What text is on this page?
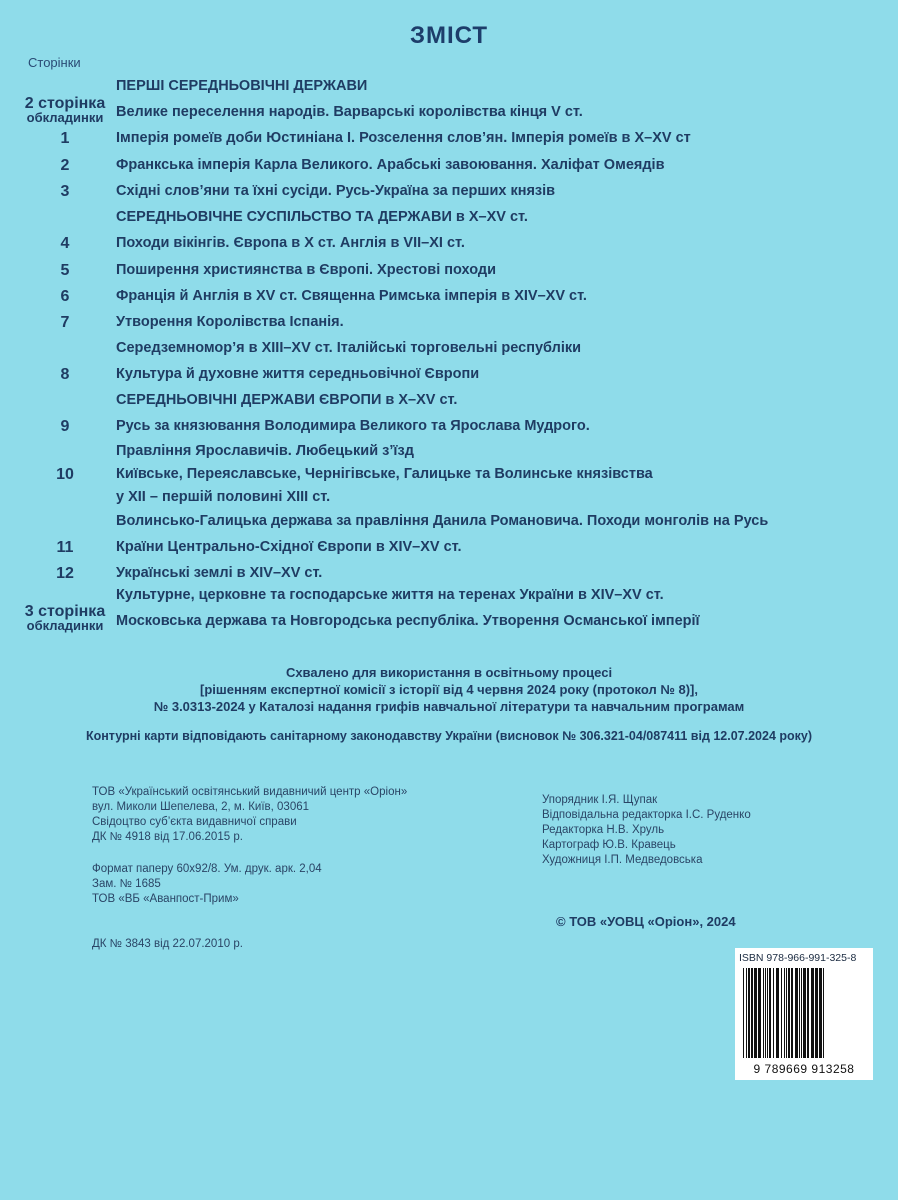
ЗМІСТ
Сторінки
2 сторінка
обкладинки
1
2
3
4
5
6
7
8
9
10
11
12
3 сторінка
обкладинки
ПЕРШІ СЕРЕДНЬОВІЧНІ ДЕРЖАВИ
Велике переселення народів. Варварські королівства кінця V ст.
Імперія ромеїв доби Юстиніана І. Розселення слов’ян. Імперія ромеїв в X–XV ст
Франкська імперія Карла Великого. Арабські завоювання. Халіфат Омеядів
Східні слов’яни та їхні сусіди. Русь-Україна за перших князів
СЕРЕДНЬОВІЧНЕ СУСПІЛЬСТВО ТА ДЕРЖАВИ в X–XV ст.
Походи вікінгів. Європа в X ст. Англія в VII–XI ст.
Поширення християнства в Європі. Хрестові походи
Франція й Англія в XV ст. Священна Римська імперія в XIV–XV ст.
Утворення Королівства Іспанія.
Середземномор’я в XIII–XV ст. Італійські торговельні республіки
Культура й духовне життя середньовічної Європи
СЕРЕДНЬОВІЧНІ ДЕРЖАВИ ЄВРОПИ в X–XV ст.
Русь за князювання Володимира Великого та Ярослава Мудрого.
Правління Ярославичів. Любецький з’їзд
Київське, Переяславське, Чернігівське, Галицьке та Волинське князівства
у XII – першій половині XIII ст.
Волинсько-Галицька держава за правління Данила Романовича. Походи монголів на Русь
Країни Центрально-Східної Європи в XIV–XV ст.
Українські землі в XIV–XV ст.
Культурне, церковне та господарське життя на теренах України в XIV–XV ст.
Московська держава та Новгородська республіка. Утворення Османської імперії
Схвалено для використання в освітньому процесі
[рішенням експертної комісії з історії від 4 червня 2024 року (протокол № 8)],
№ 3.0313-2024 у Каталозі надання грифів навчальної літератури та навчальним програмам
Контурні карти відповідають санітарному законодавству України (висновок № 306.321-04/087411 від 12.07.2024 року)
ТОВ «Український освітянський видавничий центр «Оріон»
вул. Миколи Шепелева, 2, м. Київ, 03061
Свідоцтво суб’єкта видавничої справи
ДК № 4918 від 17.06.2015 р.
Формат паперу 60x92/8. Ум. друк. арк. 2,04
Зам. № 1685
ТОВ «ВБ «Аванпост-Прим»
ДК № 3843 від 22.07.2010 р.
Упорядник І.Я. Щупак
Відповідальна редакторка І.С. Руденко
Редакторка Н.В. Хруль
Картограф Ю.В. Кравець
Художниця І.П. Медведовська
© ТОВ «УОВЦ «Оріон», 2024
ISBN 978-966-991-325-8
9 789669 913258
